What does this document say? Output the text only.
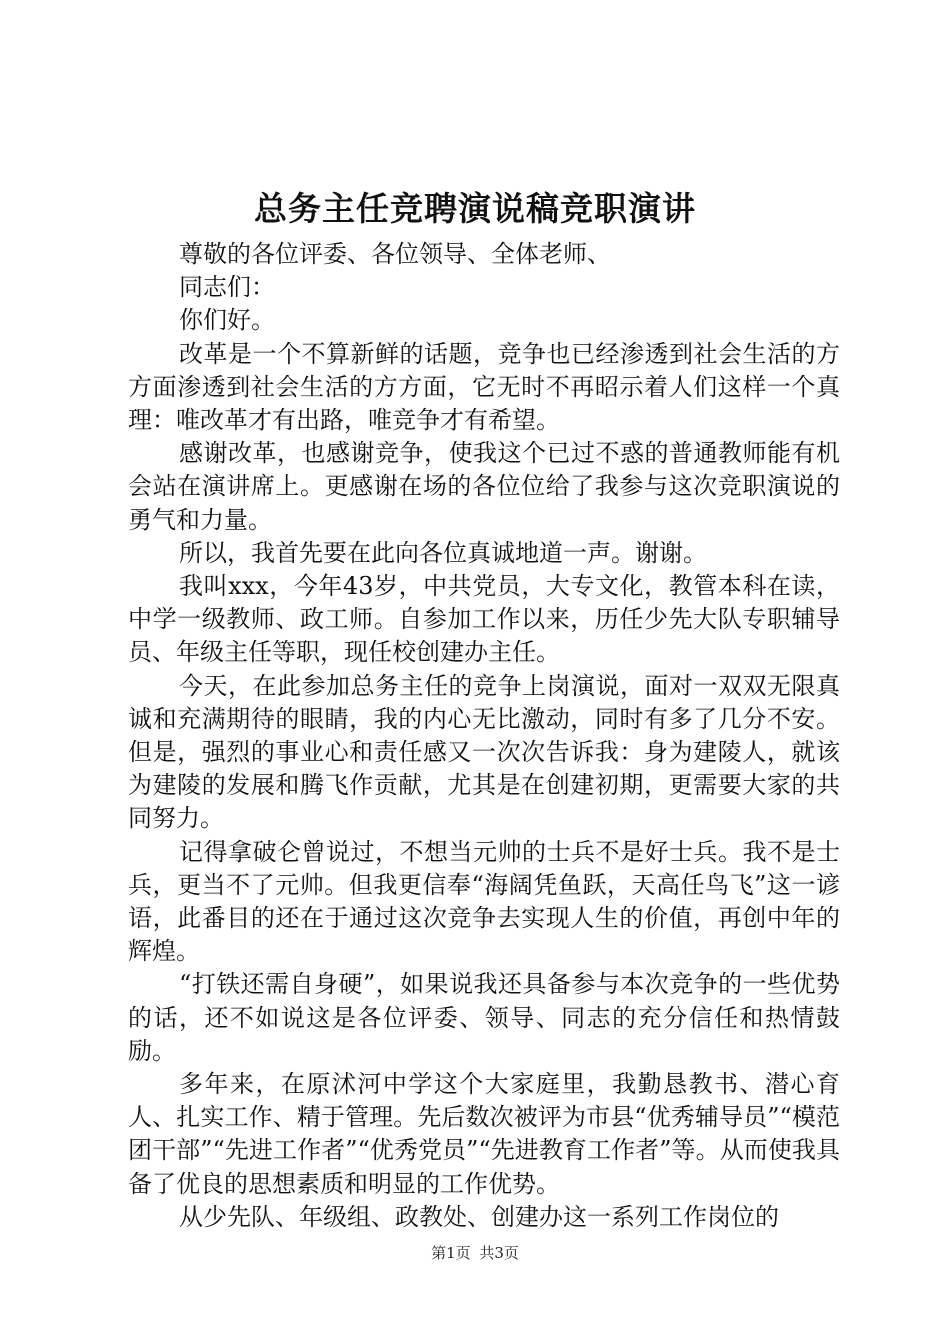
总务主任竞聘演说稿竞职演讲

尊敬的各位评委、各位领导、全体老师、

同志们：

你们好。

改革是一个不算新鲜的话题，竞争也已经渗透到社会生活的方方面渗透到社会生活的方方面，它无时不再昭示着人们这样一个真理：唯改革才有出路，唯竞争才有希望。

感谢改革，也感谢竞争，使我这个已过不惑的普通教师能有机会站在演讲席上。更感谢在场的各位位给了我参与这次竞职演说的勇气和力量。

所以，我首先要在此向各位真诚地道一声。谢谢。

我叫xxx，今年43岁，中共党员，大专文化，教管本科在读，中学一级教师、政工师。自参加工作以来，历任少先大队专职辅导员、年级主任等职，现任校创建办主任。

今天，在此参加总务主任的竞争上岗演说，面对一双双无限真诚和充满期待的眼睛，我的内心无比激动，同时有多了几分不安。但是，强烈的事业心和责任感又一次次告诉我：身为建陵人，就该为建陵的发展和腾飞作贡献，尤其是在创建初期，更需要大家的共同努力。

记得拿破仑曾说过，不想当元帅的士兵不是好士兵。我不是士兵，更当不了元帅。但我更信奉“海阔凭鱼跃，天高任鸟飞”这一谚语，此番目的还在于通过这次竞争去实现人生的价值，再创中年的辉煌。

“打铁还需自身硬”，如果说我还具备参与本次竞争的一些优势的话，还不如说这是各位评委、领导、同志的充分信任和热情鼓励。

多年来，在原沭河中学这个大家庭里，我勤恳教书、潜心育人、扎实工作、精于管理。先后数次被评为市县“优秀辅导员”“模范团干部”“先进工作者”“优秀党员”“先进教育工作者”等。从而使我具备了优良的思想素质和明显的工作优势。

从少先队、年级组、政教处、创建办这一系列工作岗位的

第1页 共3页
